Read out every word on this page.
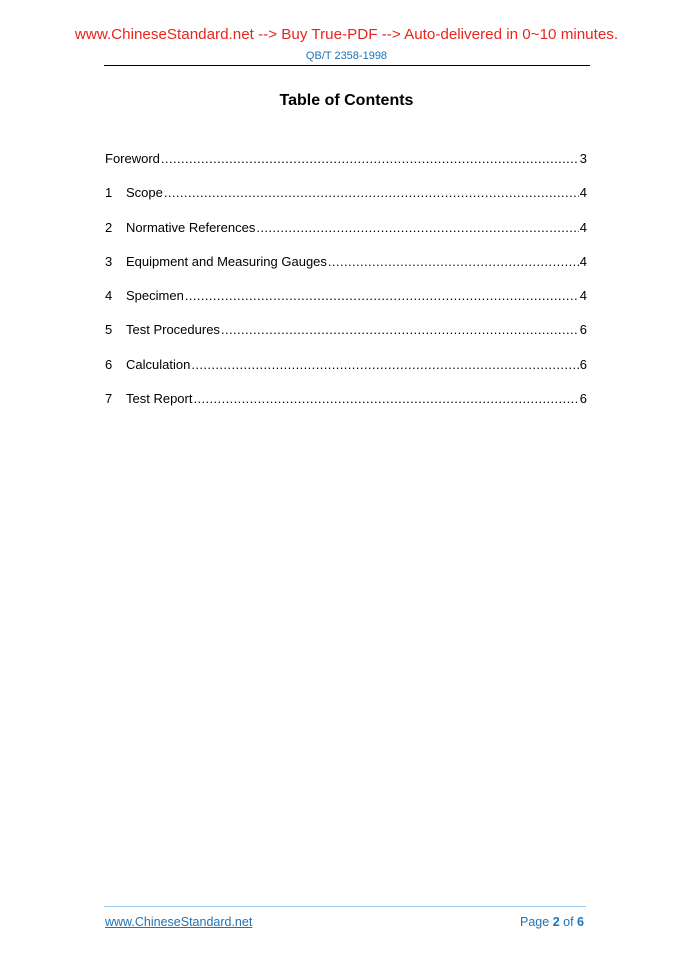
www.ChineseStandard.net --> Buy True-PDF --> Auto-delivered in 0~10 minutes.
QB/T 2358-1998
Table of Contents
Foreword .....	3
1	Scope .....	4
2	Normative References .....	4
3	Equipment and Measuring Gauges .....	4
4	Specimen .....	4
5	Test Procedures .....	6
6	Calculation .....	6
7	Test Report .....	6
www.ChineseStandard.net	Page 2 of 6
